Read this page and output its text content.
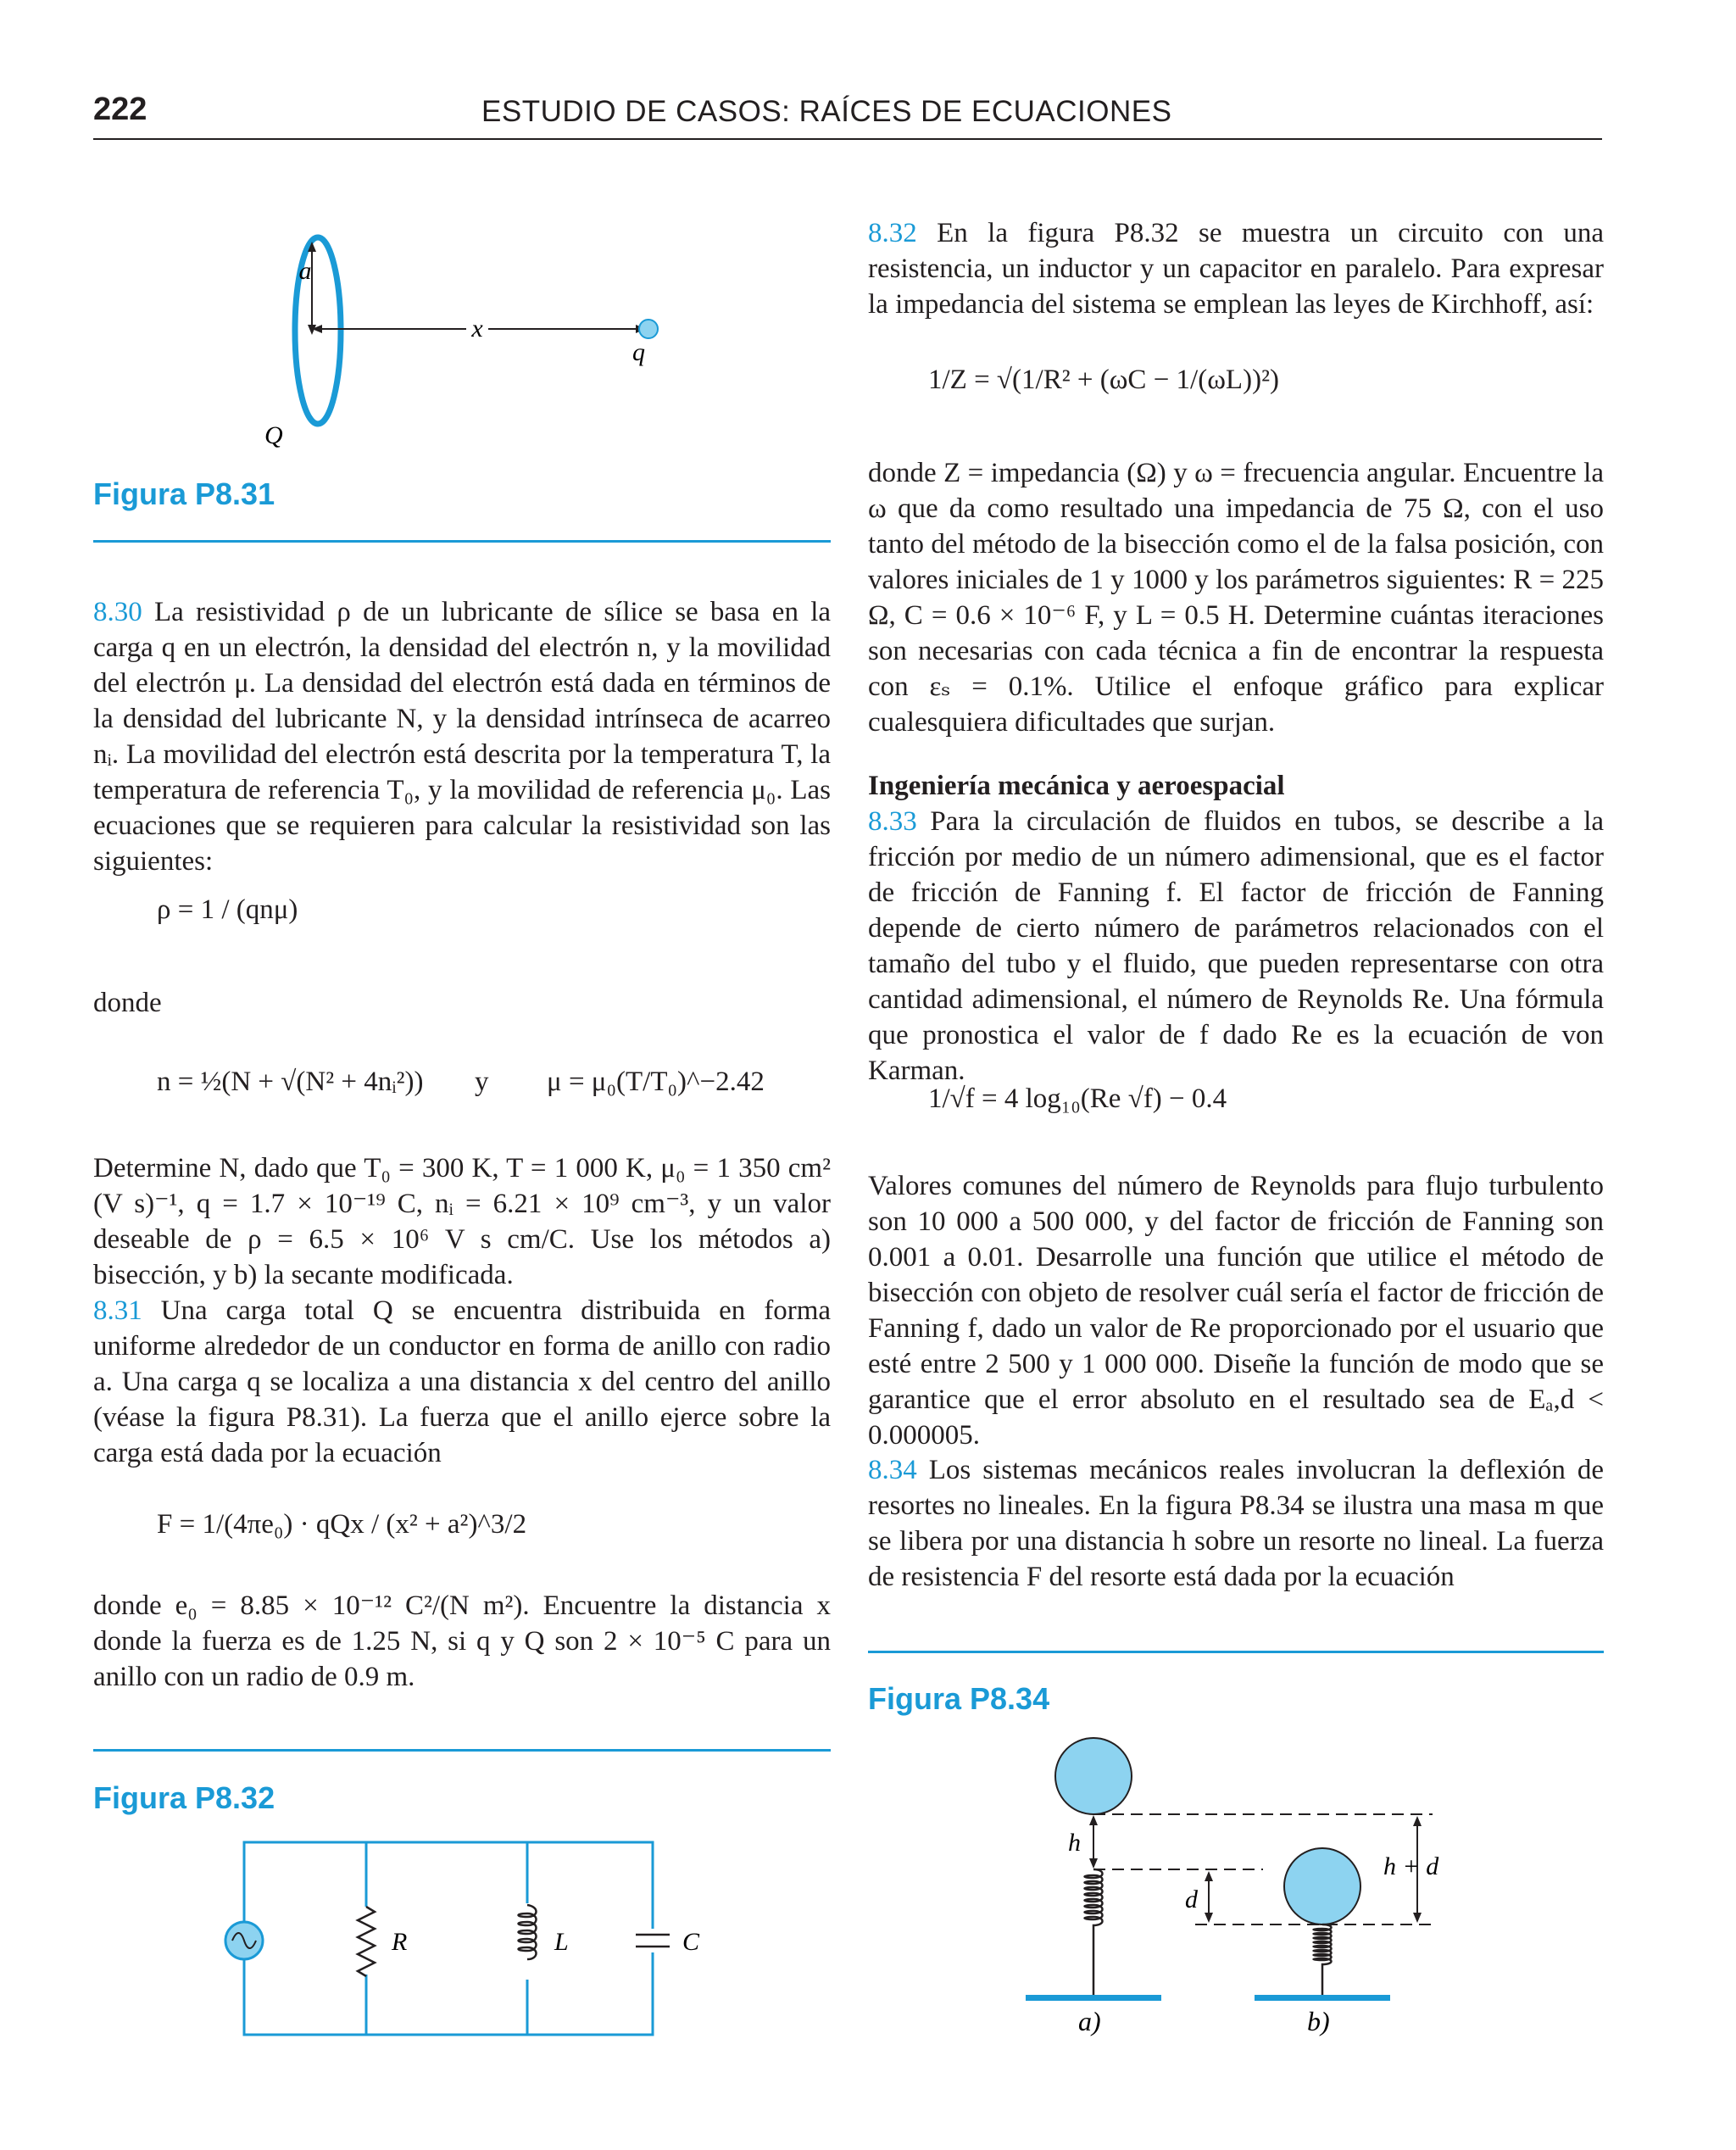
222	ESTUDIO DE CASOS: RAÍCES DE ECUACIONES
a
x
q
Q
Figura P8.31

8.30 La resistividad ρ de un lubricante de sílice se basa en la carga q en un electrón, la densidad del electrón n, y la movilidad del electrón μ. La densidad del electrón está dada en términos de la densidad del lubricante N, y la densidad intrínseca de acarreo nᵢ. La movilidad del electrón está descrita por la temperatura T, la temperatura de referencia T₀, y la movilidad de referencia μ₀. Las ecuaciones que se requieren para calcular la resistividad son las siguientes:

ρ = 1 / (qnμ)
donde
n = ½(N + √(N² + 4nᵢ²)) y μ = μ₀(T/T₀)^−2.42

Determine N, dado que T₀ = 300 K, T = 1 000 K, μ₀ = 1 350 cm² (V s)⁻¹, q = 1.7 × 10⁻¹⁹ C, nᵢ = 6.21 × 10⁹ cm⁻³, y un valor deseable de ρ = 6.5 × 10⁶ V s cm/C. Use los métodos a) bisección, y b) la secante modificada.

8.31 Una carga total Q se encuentra distribuida en forma uniforme alrededor de un conductor en forma de anillo con radio a. Una carga q se localiza a una distancia x del centro del anillo (véase la figura P8.31). La fuerza que el anillo ejerce sobre la carga está dada por la ecuación

F = 1/(4πe₀) · qQx / (x² + a²)^3/2

donde e₀ = 8.85 × 10⁻¹² C²/(N m²). Encuentre la distancia x donde la fuerza es de 1.25 N, si q y Q son 2 × 10⁻⁵ C para un anillo con un radio de 0.9 m.

Figura P8.32
R	L	C

8.32 En la figura P8.32 se muestra un circuito con una resistencia, un inductor y un capacitor en paralelo. Para expresar la impedancia del sistema se emplean las leyes de Kirchhoff, así:

1/Z = √(1/R² + (ωC − 1/(ωL))²)

donde Z = impedancia (Ω) y ω = frecuencia angular. Encuentre la ω que da como resultado una impedancia de 75 Ω, con el uso tanto del método de la bisección como el de la falsa posición, con valores iniciales de 1 y 1000 y los parámetros siguientes: R = 225 Ω, C = 0.6 × 10⁻⁶ F, y L = 0.5 H. Determine cuántas iteraciones son necesarias con cada técnica a fin de encontrar la respuesta con εₛ = 0.1%. Utilice el enfoque gráfico para explicar cualesquiera dificultades que surjan.

Ingeniería mecánica y aeroespacial

8.33 Para la circulación de fluidos en tubos, se describe a la fricción por medio de un número adimensional, que es el factor de fricción de Fanning f. El factor de fricción de Fanning depende de cierto número de parámetros relacionados con el tamaño del tubo y el fluido, que pueden representarse con otra cantidad adimensional, el número de Reynolds Re. Una fórmula que pronostica el valor de f dado Re es la ecuación de von Karman.

1/√f = 4 log₁₀(Re √f) − 0.4

Valores comunes del número de Reynolds para flujo turbulento son 10 000 a 500 000, y del factor de fricción de Fanning son 0.001 a 0.01. Desarrolle una función que utilice el método de bisección con objeto de resolver cuál sería el factor de fricción de Fanning f, dado un valor de Re proporcionado por el usuario que esté entre 2 500 y 1 000 000. Diseñe la función de modo que se garantice que el error absoluto en el resultado sea de Eₐ,d < 0.000005.

8.34 Los sistemas mecánicos reales involucran la deflexión de resortes no lineales. En la figura P8.34 se ilustra una masa m que se libera por una distancia h sobre un resorte no lineal. La fuerza de resistencia F del resorte está dada por la ecuación

Figura P8.34
h
a)
d
b)
h + d
